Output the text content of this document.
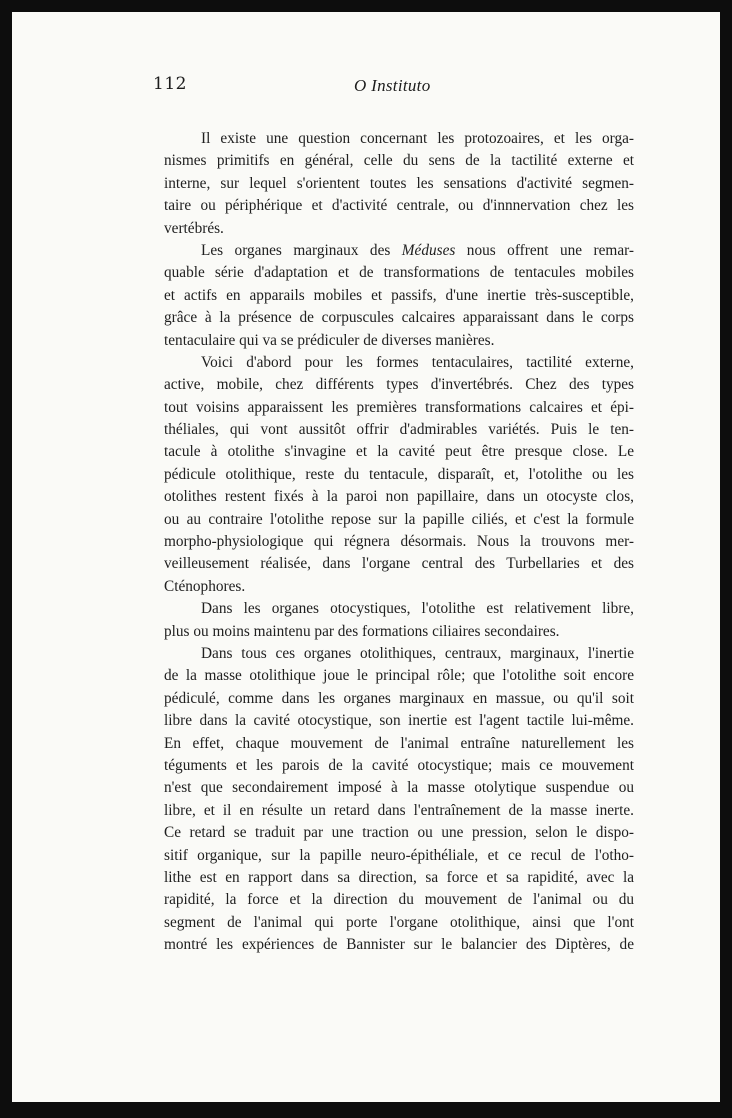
112	O Instituto
Il existe une question concernant les protozoaires, et les orga-
nismes primitifs en général, celle du sens de la tactilité externe et
interne, sur lequel s'orientent toutes les sensations d'activité segmen-
taire ou périphérique et d'activité centrale, ou d'innnervation chez les
vertébrés.
Les organes marginaux des Méduses nous offrent une remar-
quable série d'adaptation et de transformations de tentacules mobiles
et actifs en apparails mobiles et passifs, d'une inertie très-susceptible,
grâce à la présence de corpuscules calcaires apparaissant dans le corps
tentaculaire qui va se prédiculer de diverses manières.
Voici d'abord pour les formes tentaculaires, tactilité externe,
active, mobile, chez différents types d'invertébrés. Chez des types
tout voisins apparaissent les premières transformations calcaires et épi-
théliales, qui vont aussitôt offrir d'admirables variétés. Puis le ten-
tacule à otolithe s'invagine et la cavité peut être presque close. Le
pédicule otolithique, reste du tentacule, disparaît, et, l'otolithe ou les
otolithes restent fixés à la paroi non papillaire, dans un otocyste clos,
ou au contraire l'otolithe repose sur la papille ciliés, et c'est la formule
morpho-physiologique qui régnera désormais. Nous la trouvons mer-
veilleusement réalisée, dans l'organe central des Turbellaries et des
Cténophores.
Dans les organes otocystiques, l'otolithe est relativement libre,
plus ou moins maintenu par des formations ciliaires secondaires.
Dans tous ces organes otolithiques, centraux, marginaux, l'inertie
de la masse otolithique joue le principal rôle; que l'otolithe soit encore
pédiculé, comme dans les organes marginaux en massue, ou qu'il soit
libre dans la cavité otocystique, son inertie est l'agent tactile lui-même.
En effet, chaque mouvement de l'animal entraîne naturellement les
téguments et les parois de la cavité otocystique; mais ce mouvement
n'est que secondairement imposé à la masse otolytique suspendue ou
libre, et il en résulte un retard dans l'entraînement de la masse inerte.
Ce retard se traduit par une traction ou une pression, selon le dispo-
sitif organique, sur la papille neuro-épithéliale, et ce recul de l'otho-
lithe est en rapport dans sa direction, sa force et sa rapidité, avec la
rapidité, la force et la direction du mouvement de l'animal ou du
segment de l'animal qui porte l'organe otolithique, ainsi que l'ont
montré les expériences de Bannister sur le balancier des Diptères, de
